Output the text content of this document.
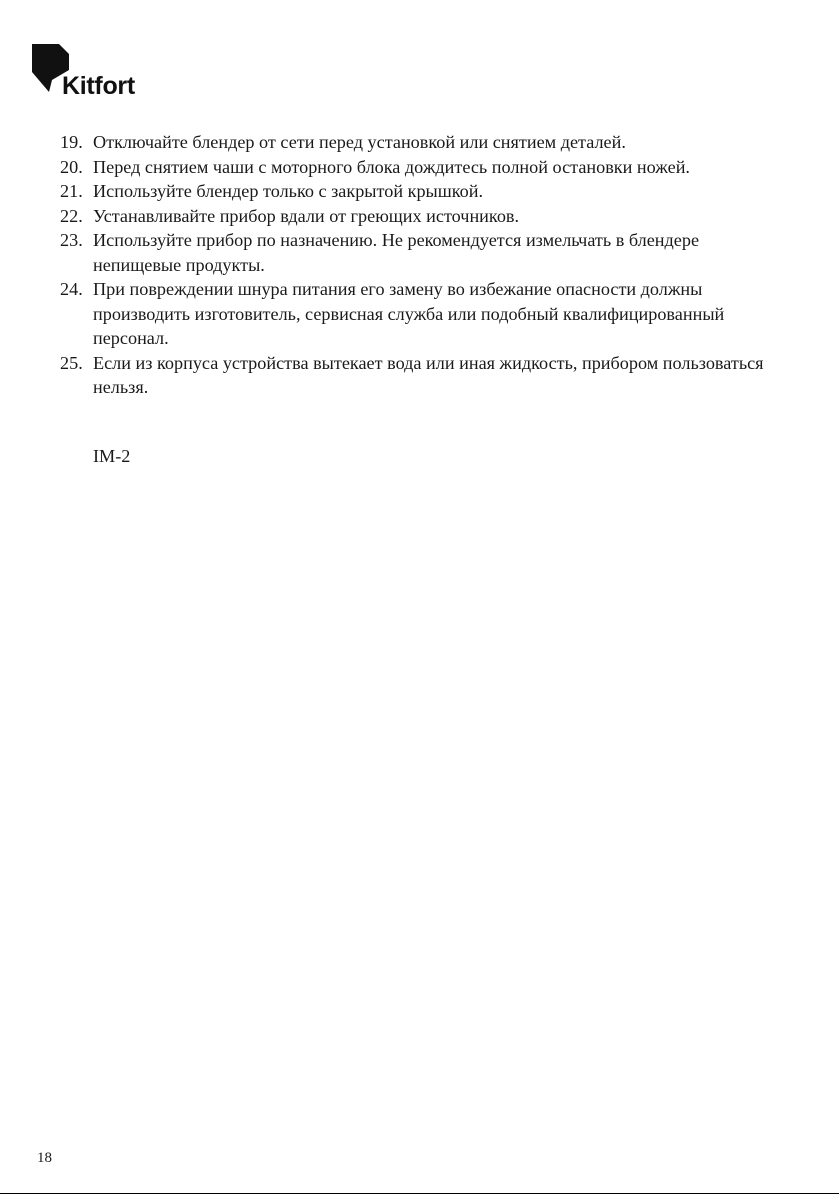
Kitfort
19. Отключайте блендер от сети перед установкой или снятием деталей.
20. Перед снятием чаши с моторного блока дождитесь полной остановки ножей.
21. Используйте блендер только с закрытой крышкой.
22. Устанавливайте прибор вдали от греющих источников.
23. Используйте прибор по назначению. Не рекомендуется измельчать в блендере непищевые продукты.
24. При повреждении шнура питания его замену во избежание опасности должны производить изготовитель, сервисная служба или подобный квалифицированный персонал.
25. Если из корпуса устройства вытекает вода или иная жидкость, прибором пользоваться нельзя.
IM-2
18
